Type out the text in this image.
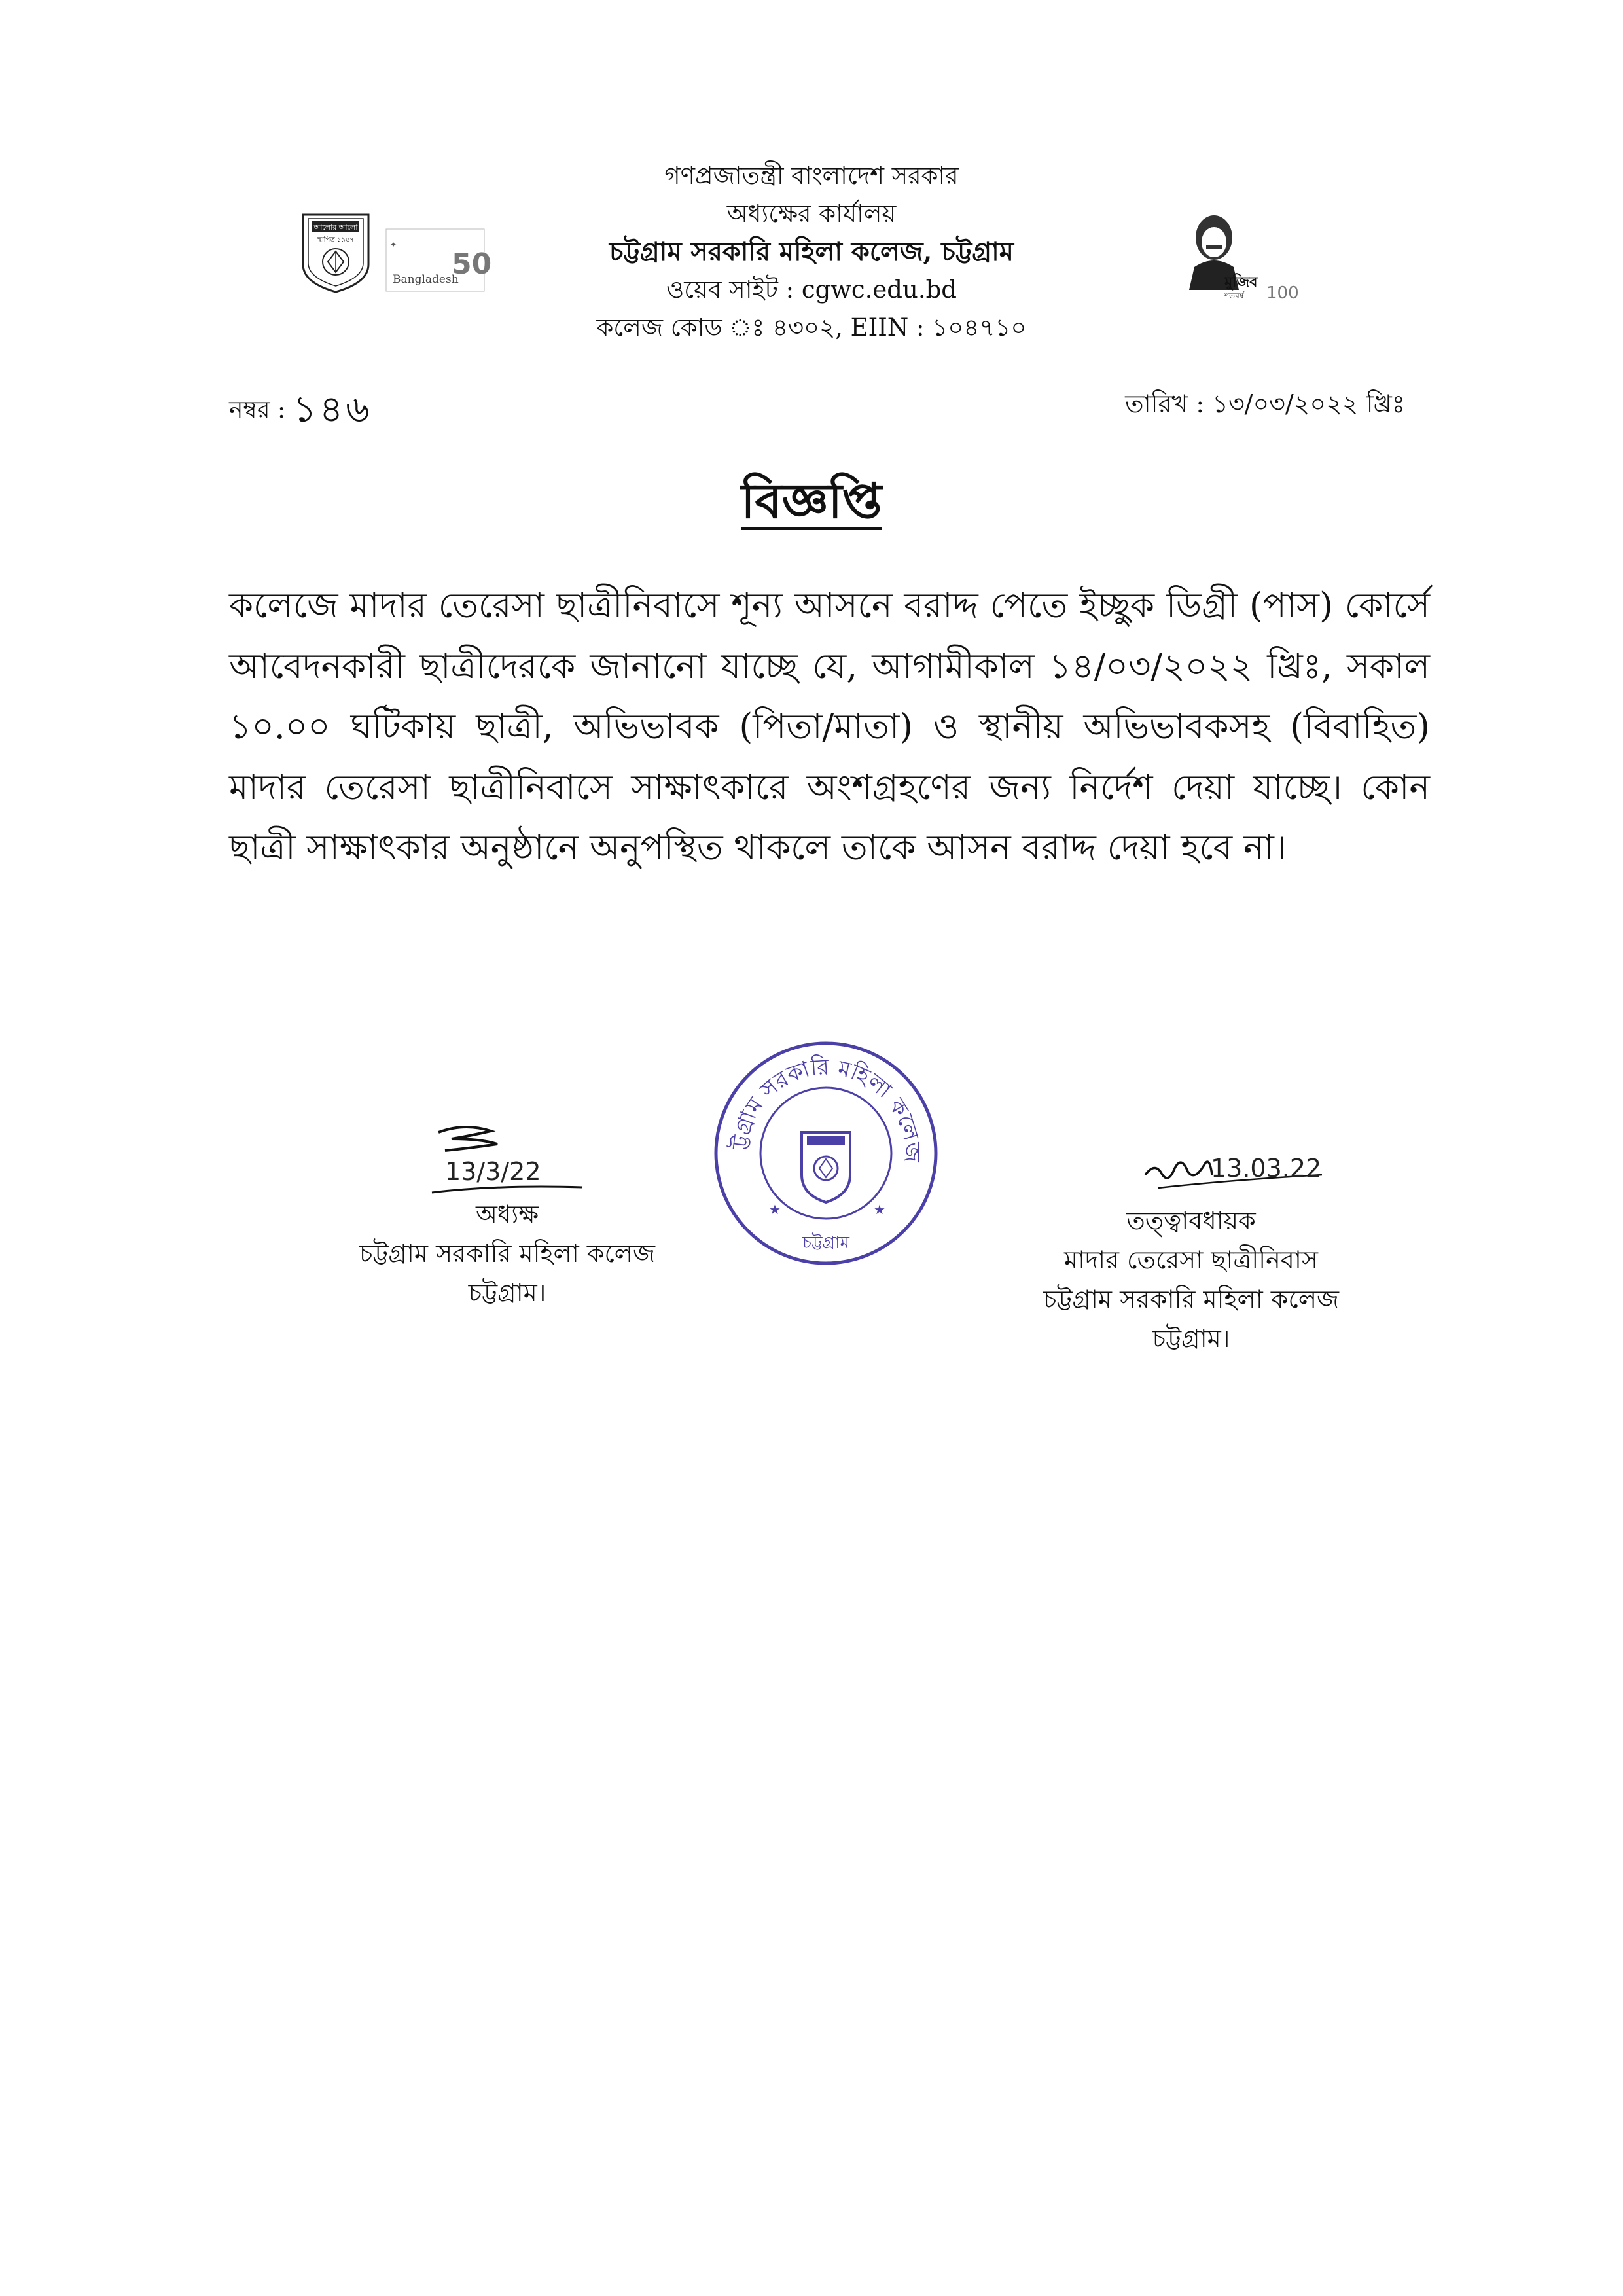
গণপ্রজাতন্ত্রী বাংলাদেশ সরকার
অধ্যক্ষের কার্যালয়
চট্টগ্রাম সরকারি মহিলা কলেজ, চট্টগ্রাম
ওয়েব সাইট : cgwc.edu.bd
কলেজ কোড ঃ ৪৩০২, EIIN : ১০৪৭১০
আলোর আলো
স্থাপিত ১৯৫৭
✦
Bangladesh
50
মুজিব
শতবর্ষ 100
নম্বর : ১৪৬	তারিখ : ১৩/০৩/২০২২ খ্রিঃ
বিজ্ঞপ্তি
কলেজে মাদার তেরেসা ছাত্রীনিবাসে শূন্য আসনে বরাদ্দ পেতে ইচ্ছুক ডিগ্রী (পাস) কোর্সে আবেদনকারী ছাত্রীদেরকে জানানো যাচ্ছে যে, আগামীকাল ১৪/০৩/২০২২ খ্রিঃ, সকাল ১০.০০ ঘটিকায় ছাত্রী, অভিভাবক (পিতা/মাতা) ও স্থানীয় অভিভাবকসহ (বিবাহিত) মাদার তেরেসা ছাত্রীনিবাসে সাক্ষাৎকারে অংশগ্রহণের জন্য নির্দেশ দেয়া যাচ্ছে। কোন ছাত্রী সাক্ষাৎকার অনুষ্ঠানে অনুপস্থিত থাকলে তাকে আসন বরাদ্দ দেয়া হবে না।
ট্টগ্রাম সরকারি মহিলা কলেজ
চট্টগ্রাম
★	★
13/3/22
অধ্যক্ষ
চট্টগ্রাম সরকারি মহিলা কলেজ
চট্টগ্রাম।
13.03.22
তত্ত্বাবধায়ক
মাদার তেরেসা ছাত্রীনিবাস
চট্টগ্রাম সরকারি মহিলা কলেজ
চট্টগ্রাম।
